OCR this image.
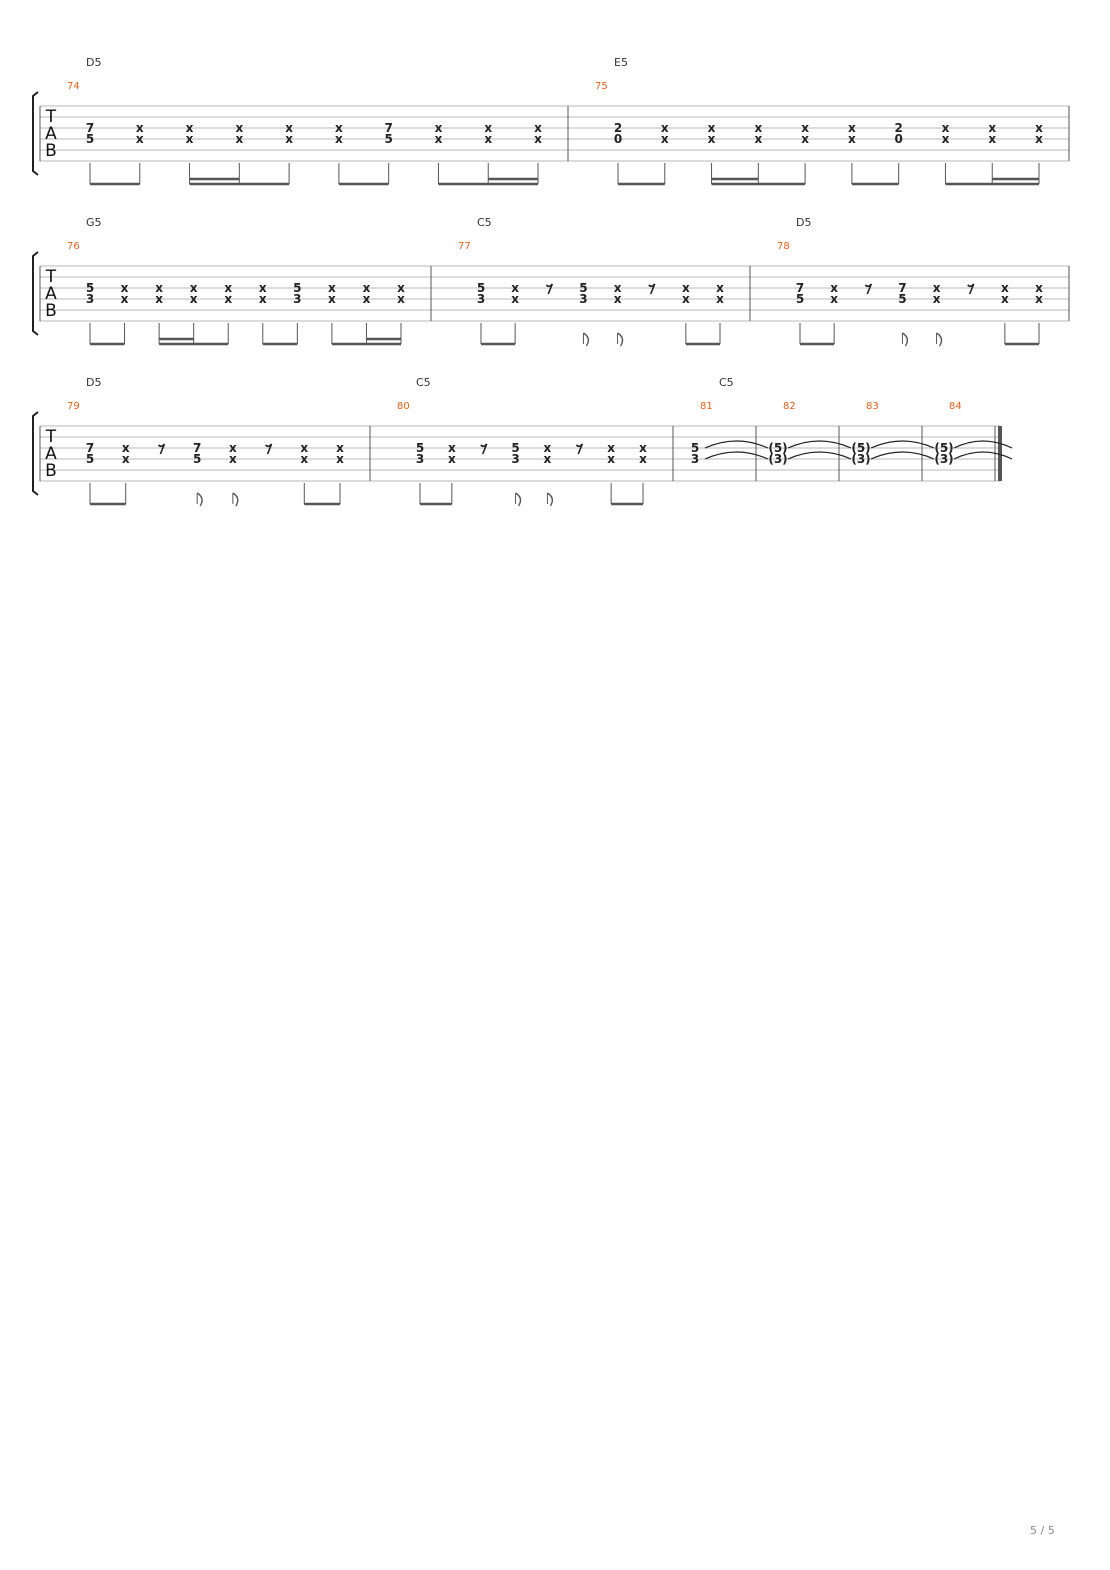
T
A
B
74
D5
7
5
x
x
x
x
x
x
x
x
x
x
7
5
x
x
x
x
x
x
75
E5
2
0
x
x
x
x
x
x
x
x
x
x
2
0
x
x
x
x
x
x
T
A
B
76
G5
5
3
x
x
x
x
x
x
x
x
x
x
5
3
x
x
x
x
x
x
77
C5
5
3
x
x
5
3
x
x
x
x
x
x
78
D5
7
5
x
x
7
5
x
x
x
x
x
x
T
A
B
79
D5
7
5
x
x
7
5
x
x
x
x
x
x
80
C5
5
3
x
x
5
3
x
x
x
x
x
x
81
C5
5
3
82
(5)
(3)
83
(5)
(3)
84
(5)
(3)
5 / 5
